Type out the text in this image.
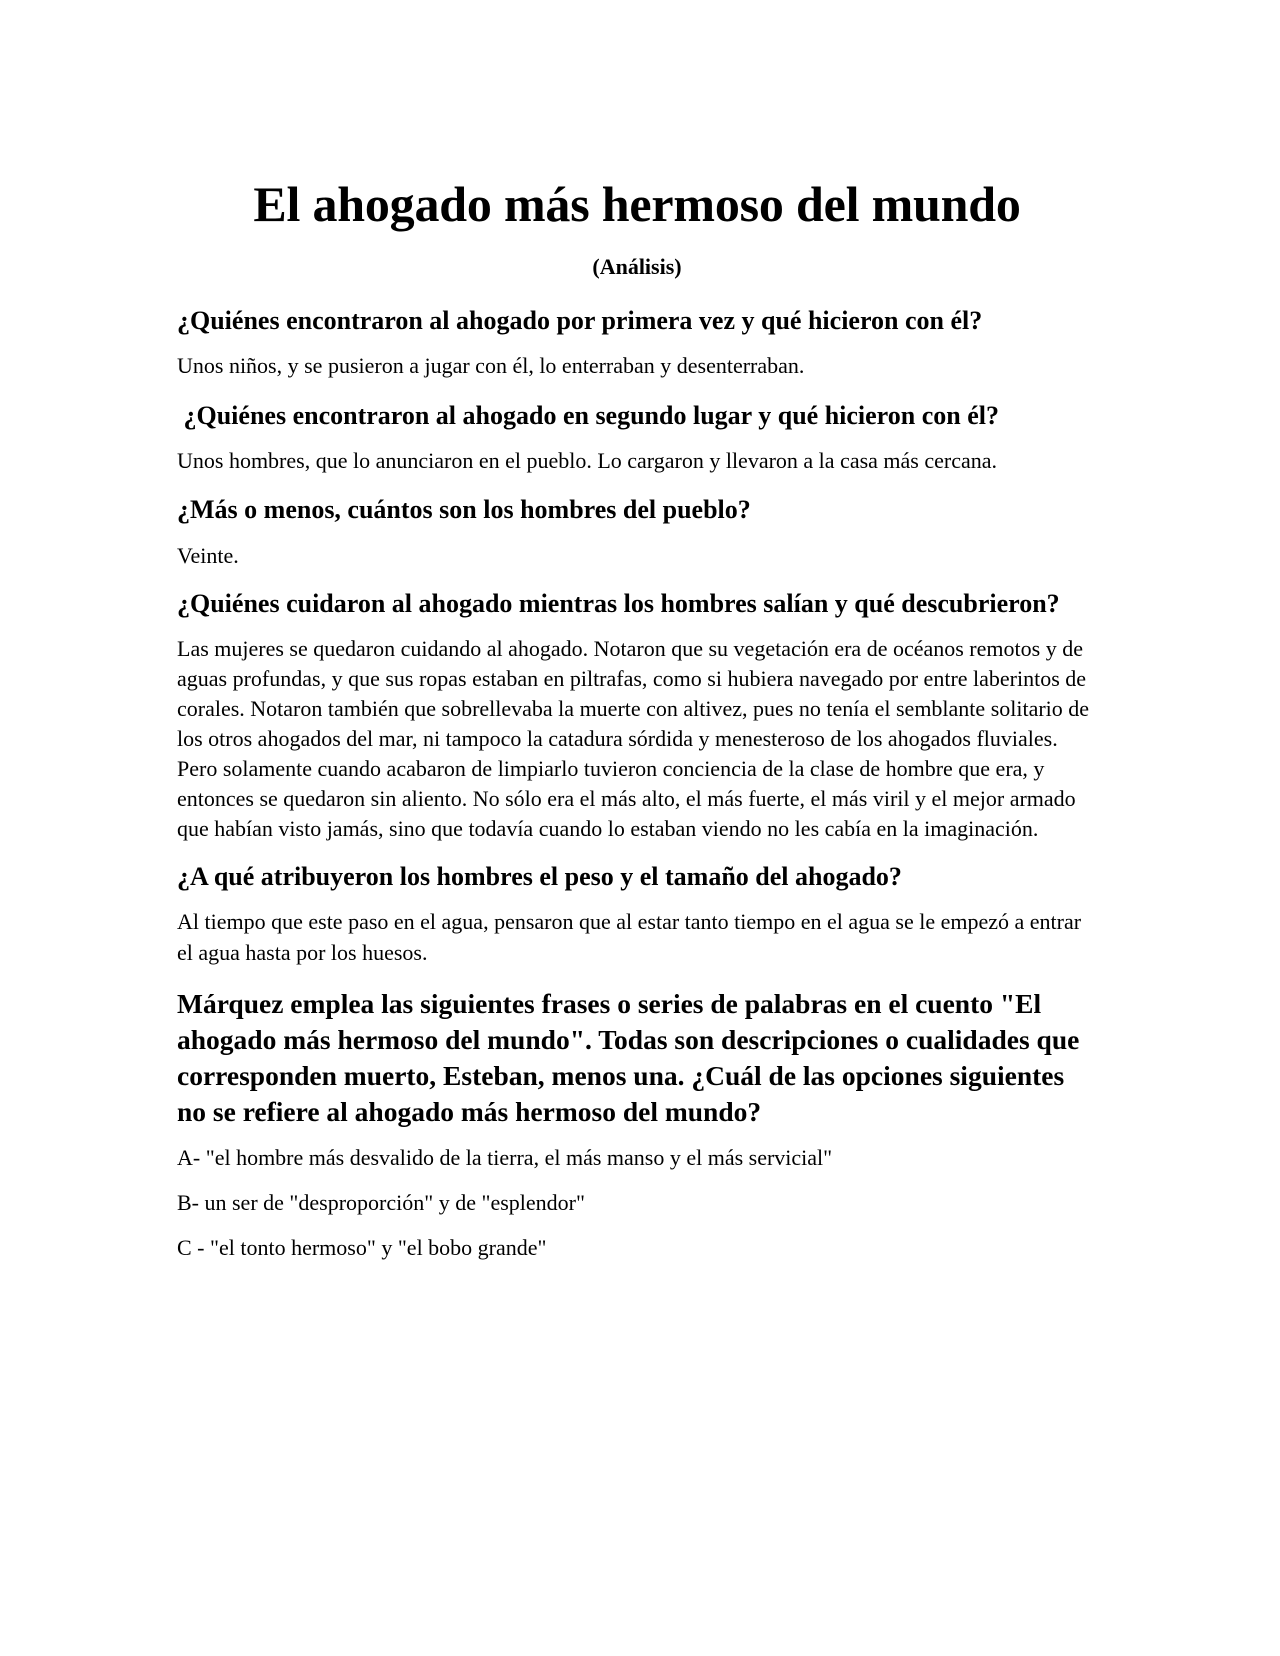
El ahogado más hermoso del mundo

(Análisis)

¿Quiénes encontraron al ahogado por primera vez y qué hicieron con él?

Unos niños, y se pusieron a jugar con él, lo enterraban y desenterraban.

¿Quiénes encontraron al ahogado en segundo lugar y qué hicieron con él?

Unos hombres, que lo anunciaron en el pueblo. Lo cargaron y llevaron a la casa más cercana.

¿Más o menos, cuántos son los hombres del pueblo?

Veinte.

¿Quiénes cuidaron al ahogado mientras los hombres salían y qué descubrieron?

Las mujeres se quedaron cuidando al ahogado. Notaron que su vegetación era de océanos remotos y de aguas profundas, y que sus ropas estaban en piltrafas, como si hubiera navegado por entre laberintos de corales. Notaron también que sobrellevaba la muerte con altivez, pues no tenía el semblante solitario de los otros ahogados del mar, ni tampoco la catadura sórdida y menesteroso de los ahogados fluviales. Pero solamente cuando acabaron de limpiarlo tuvieron conciencia de la clase de hombre que era, y entonces se quedaron sin aliento. No sólo era el más alto, el más fuerte, el más viril y el mejor armado que habían visto jamás, sino que todavía cuando lo estaban viendo no les cabía en la imaginación.

¿A qué atribuyeron los hombres el peso y el tamaño del ahogado?

Al tiempo que este paso en el agua, pensaron que al estar tanto tiempo en el agua se le empezó a entrar el agua hasta por los huesos.

Márquez emplea las siguientes frases o series de palabras en el cuento "El ahogado más hermoso del mundo". Todas son descripciones o cualidades que corresponden muerto, Esteban, menos una. ¿Cuál de las opciones siguientes no se refiere al ahogado más hermoso del mundo?

A- "el hombre más desvalido de la tierra, el más manso y el más servicial"

B- un ser de "desproporción" y de "esplendor"

C - "el tonto hermoso" y "el bobo grande"
